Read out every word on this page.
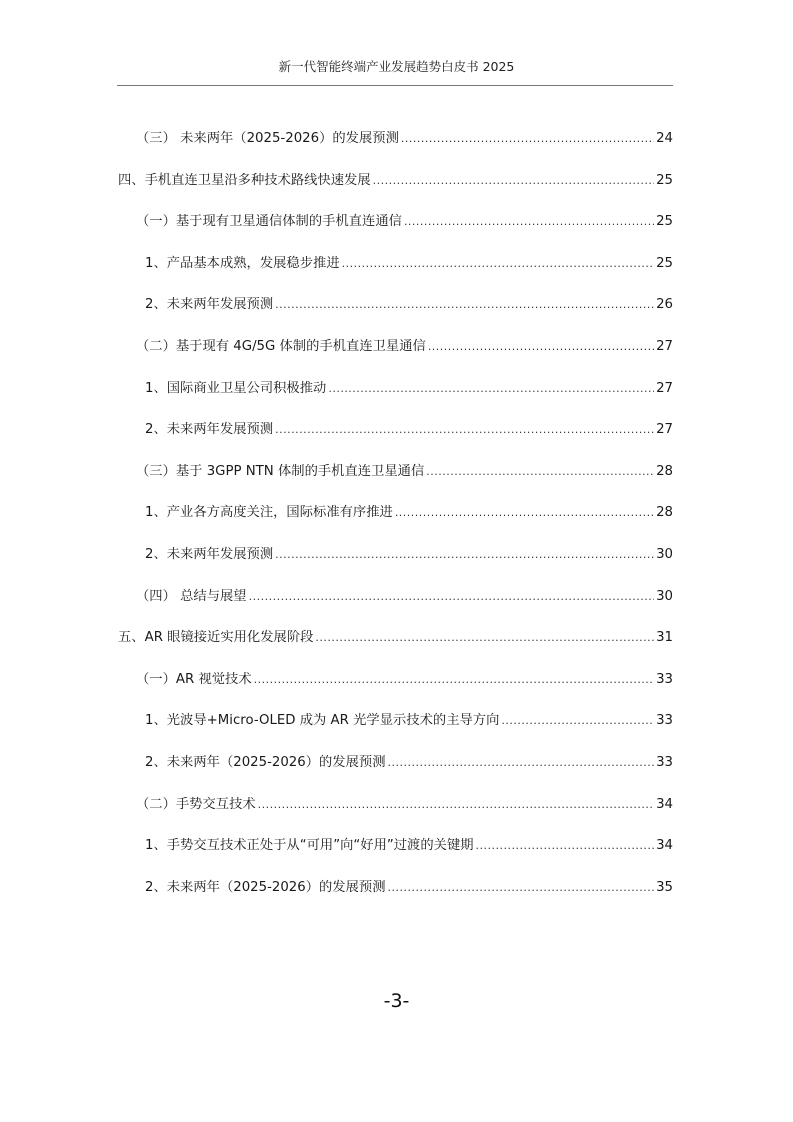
新一代智能终端产业发展趋势白皮书 2025
（三） 未来两年（2025-2026）的发展预测 .....	24
四、手机直连卫星沿多种技术路线快速发展 .....	25
（一）基于现有卫星通信体制的手机直连通信 .....	25
1、产品基本成熟，发展稳步推进 .....	25
2、未来两年发展预测 .....	26
（二）基于现有 4G/5G 体制的手机直连卫星通信 .....	27
1、国际商业卫星公司积极推动 .....	27
2、未来两年发展预测 .....	27
（三）基于 3GPP NTN 体制的手机直连卫星通信 .....	28
1、产业各方高度关注，国际标准有序推进 .....	28
2、未来两年发展预测 .....	30
（四） 总结与展望 .....	30
五、AR 眼镜接近实用化发展阶段 .....	31
（一）AR 视觉技术 .....	33
1、光波导+Micro-OLED 成为 AR 光学显示技术的主导方向 .....	33
2、未来两年（2025-2026）的发展预测 .....	33
（二）手势交互技术 .....	34
1、手势交互技术正处于从“可用”向“好用”过渡的关键期 .....	34
2、未来两年（2025-2026）的发展预测 .....	35
-3-
